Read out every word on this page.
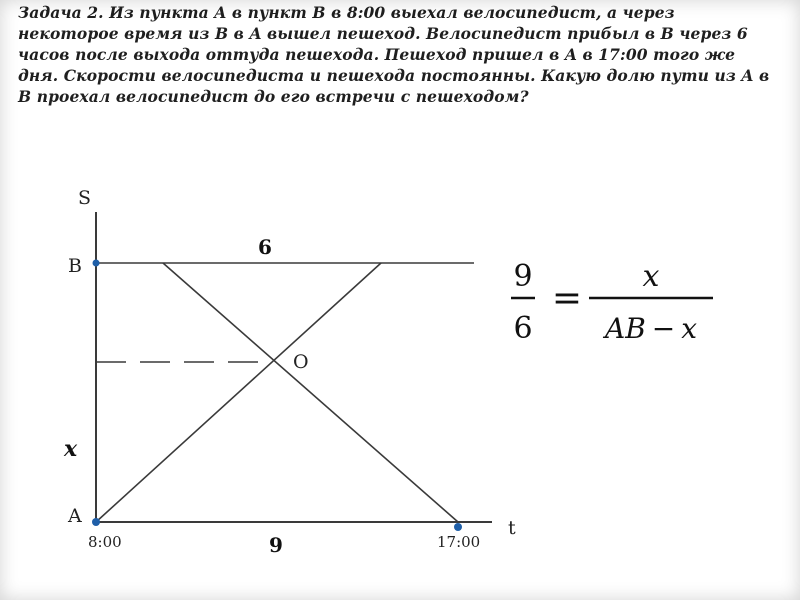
Задача 2. Из пункта A в пункт B в 8:00 выехал велосипедист, а через некоторое время из B в A вышел пешеход. Велосипедист прибыл в B через 6 часов после выхода оттуда пешехода. Пешеход пришел в A в 17:00 того же дня. Скорости велосипедиста и пешехода постоянны. Какую долю пути из A в B проехал велосипедист до его встречи с пешеходом?

S
B
O
A
t
6
9
x
8:00	17:00
9
6
=
x
AB − x
